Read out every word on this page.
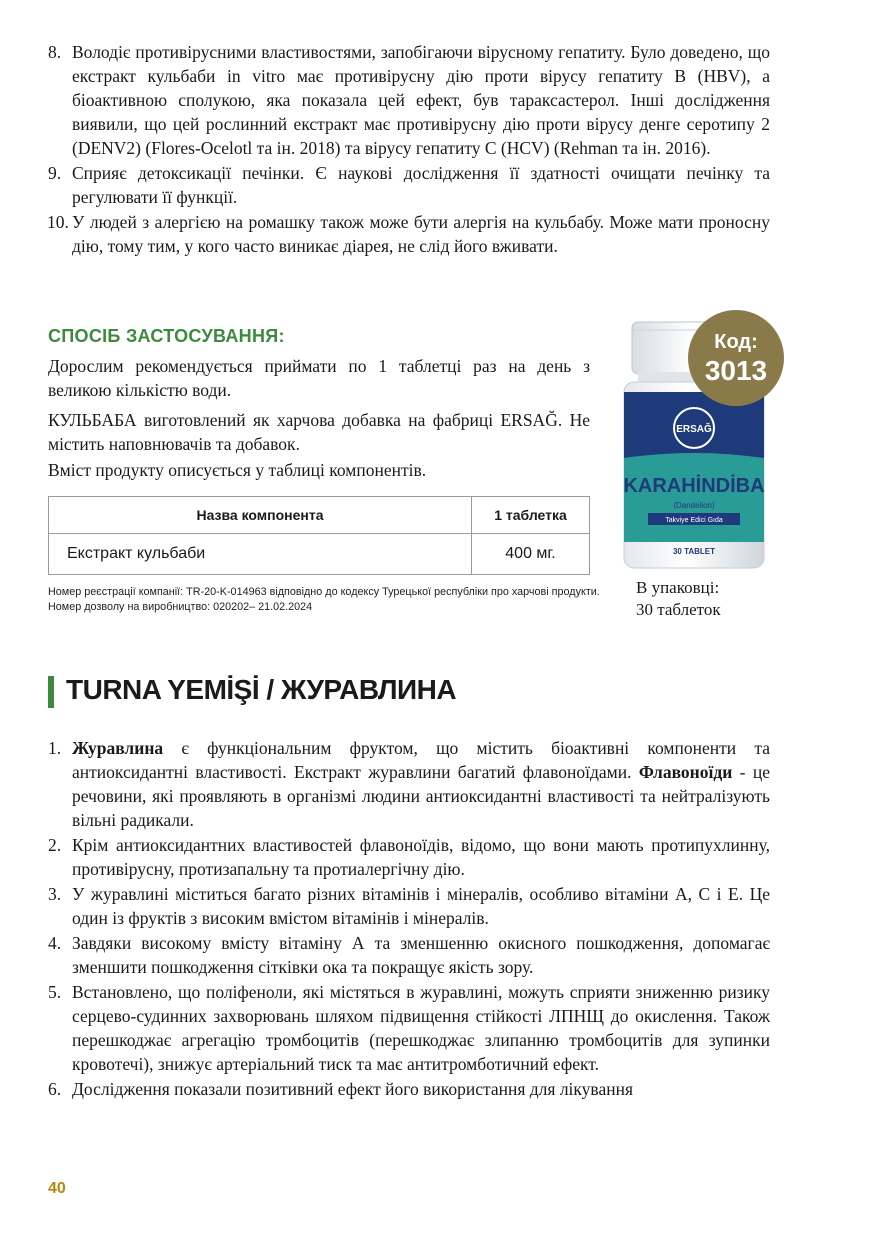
8. Володіє противірусними властивостями, запобігаючи вірусному гепатиту. Було доведено, що екстракт кульбаби in vitro має противірусну дію проти вірусу гепатиту B (HBV), а біоактивною сполукою, яка показала цей ефект, був тараксастерол. Інші дослідження виявили, що цей рослинний екстракт має противірусну дію проти вірусу денге серотипу 2 (DENV2) (Flores-Ocelotl та ін. 2018) та вірусу гепатиту C (HCV) (Rehman та ін. 2016).
9. Сприяє детоксикації печінки. Є наукові дослідження її здатності очищати печінку та регулювати її функції.
10. У людей з алергією на ромашку також може бути алергія на кульбабу. Може мати проносну дію, тому тим, у кого часто виникає діарея, не слід його вживати.
СПОСІБ ЗАСТОСУВАННЯ:
Дорослим рекомендується приймати по 1 таблетці раз на день з великою кількістю води.
КУЛЬБАБА виготовлений як харчова добавка на фабриці ERSAĞ. Не містить наповнювачів та добавок.
Вміст продукту описується у таблиці компонентів.
Назва компонента	1 таблетка
Екстракт кульбаби	400 мг.
Номер реєстрації компанії: TR-20-K-014963 відповідно до кодексу Турецької республіки про харчові продукти. Номер дозволу на виробництво: 020202– 21.02.2024
ERSAĞ
KARAHİNDİBA
(Dandelion)
Takviye Edici Gıda
30 TABLET
Код:
3013
В упаковці:
30 таблеток
TURNA YEMİŞİ / ЖУРАВЛИНА
1. Журавлина є функціональним фруктом, що містить біоактивні компоненти та антиоксидантні властивості. Екстракт журавлини багатий флавоноїдами. Флавоноїди - це речовини, які проявляють в організмі людини антиоксидантні властивості та нейтралізують вільні радикали.
2. Крім антиоксидантних властивостей флавоноїдів, відомо, що вони мають протипухлинну, противірусну, протизапальну та протиалергічну дію.
3. У журавлині міститься багато різних вітамінів і мінералів, особливо вітаміни А, С і Е. Це один із фруктів з високим вмістом вітамінів і мінералів.
4. Завдяки високому вмісту вітаміну А та зменшенню окисного пошкодження, допомагає зменшити пошкодження сітківки ока та покращує якість зору.
5. Встановлено, що поліфеноли, які містяться в журавлині, можуть сприяти зниженню ризику серцево-судинних захворювань шляхом підвищення стійкості ЛПНЩ до окислення. Також перешкоджає агрегацію тромбоцитів (перешкоджає злипанню тромбоцитів для зупинки кровотечі), знижує артеріальний тиск та має антитромботичний ефект.
6. Дослідження показали позитивний ефект його використання для лікування
40
